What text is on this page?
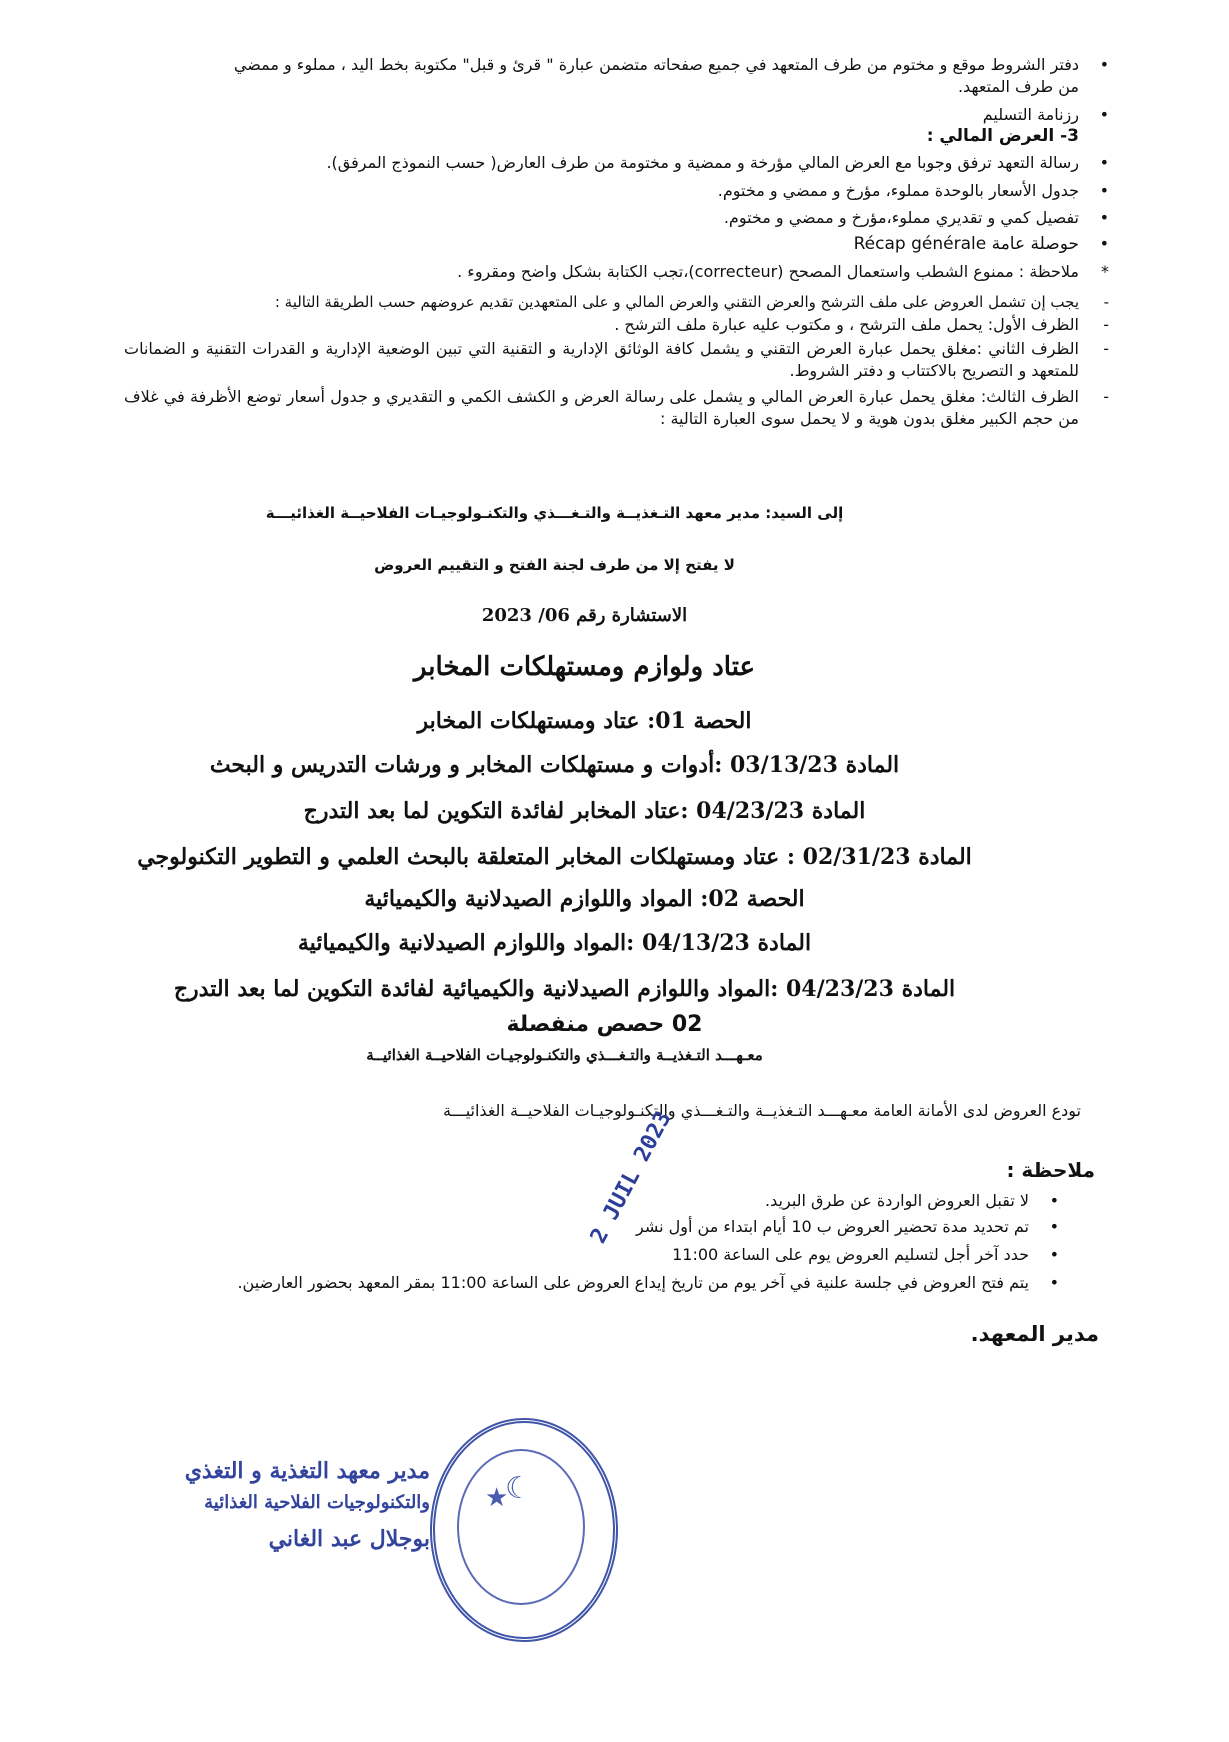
• دفتر الشروط موقع و مختوم من طرف المتعهد في جميع صفحاته متضمن عبارة " قرئ و قبل" مكتوبة بخط اليد ، مملوء و ممضي
من طرف المتعهد.
• رزنامة التسليم
3- العرض المالي :
• رسالة التعهد ترفق وجوبا مع العرض المالي مؤرخة و ممضية و مختومة من طرف العارض( حسب النموذج المرفق).
• جدول الأسعار بالوحدة مملوء، مؤرخ و ممضي و مختوم.
• تفصيل كمي و تقديري مملوء،مؤرخ و ممضي و مختوم.
• حوصلة عامة Récap générale
* ملاحظة : ممنوع الشطب واستعمال المصحح (correcteur)،تجب الكتابة بشكل واضح ومقروء .
- يجب إن تشمل العروض على ملف الترشح والعرض التقني والعرض المالي و على المتعهدين تقديم عروضهم حسب الطريقة التالية :
- الظرف الأول: يحمل ملف الترشح ، و مكتوب عليه عبارة ملف الترشح .
- الظرف الثاني :مغلق يحمل عبارة العرض التقني و يشمل كافة الوثائق الإدارية و التقنية التي تبين الوضعية الإدارية و القدرات التقنية و الضمانات للمتعهد و التصريح بالاكتتاب و دفتر الشروط.
- الظرف الثالث: مغلق يحمل عبارة العرض المالي و يشمل على رسالة العرض و الكشف الكمي و التقديري و جدول أسعار توضع الأظرفة في غلاف من حجم الكبير مغلق بدون هوية و لا يحمل سوى العبارة التالية :
إلى السيد: مدير معهد التـغذيــة والتـغـــذي والتكنـولوجيـات الفلاحيــة الغذائيـــة
لا يفتح إلا من طرف لجنة الفتح و التقييم العروض
الاستشارة رقم 06/ 2023
عتاد ولوازم ومستهلكات المخابر
الحصة 01: عتاد ومستهلكات المخابر
المادة 03/13/23 :أدوات و مستهلكات المخابر و ورشات التدريس و البحث
المادة 04/23/23 :عتاد المخابر لفائدة التكوين لما بعد التدرج
المادة 02/31/23 : عتاد ومستهلكات المخابر المتعلقة بالبحث العلمي و التطوير التكنولوجي
الحصة 02: المواد واللوازم الصيدلانية والكيميائية
المادة 04/13/23 :المواد واللوازم الصيدلانية والكيميائية
المادة 04/23/23 :المواد واللوازم الصيدلانية والكيميائية لفائدة التكوين لما بعد التدرج
02 حصص منفصلة
معـهـــد التـغذيــة والتـغـــذي والتكنـولوجيـات الفلاحيــة الغذائيــة
تودع العروض لدى الأمانة العامة معـهـــد التـغذيــة والتـغـــذي والتكنـولوجيـات الفلاحيــة الغذائيـــة
ملاحظة :
• لا تقبل العروض الواردة عن طرق البريد.
• تم تحديد مدة تحضير العروض ب 10 أيام ابتداء من أول نشر
• حدد آخر أجل لتسليم العروض يوم على الساعة 11:00
• يتم فتح العروض في جلسة علنية في آخر يوم من تاريخ إيداع العروض على الساعة 11:00 بمقر المعهد بحضور العارضين.
مدير المعهد.
2 JUIL 2023
مدير معهد التغذية و التغذي
والتكنولوجيات الفلاحية الغذائية
بوجلال عبد الغاني
☾
★
